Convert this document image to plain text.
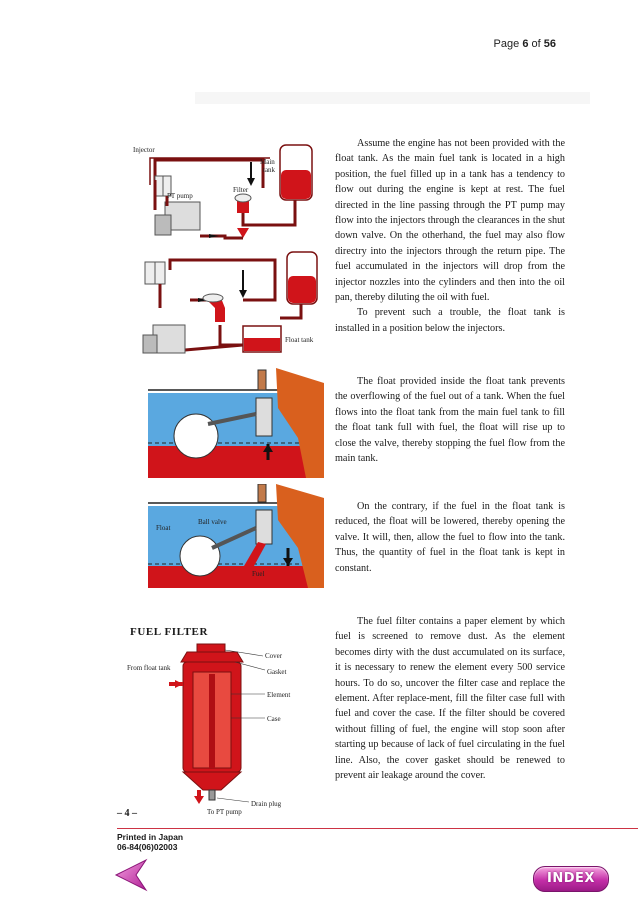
Page 6 of 56
Injector
Main
tank
PT pump
Filter
Float tank
Ball valve
Float
Fuel
FUEL FILTER
From float tank
Cover
Gasket
Element
Case
Drain plug
To PT pump

Assume the engine has not been provided with the float tank. As the main fuel tank is located in a high position, the fuel filled up in a tank has a tendency to flow out during the engine is kept at rest. The fuel directed in the line passing through the PT pump may flow into the injectors through the clearances in the shut down valve. On the otherhand, the fuel may also flow directry into the injectors through the return pipe. The fuel accumulated in the injectors will drop from the injector nozzles into the cylinders and then into the oil pan, thereby diluting the oil with fuel.

To prevent such a trouble, the float tank is installed in a position below the injectors.

The float provided inside the float tank prevents the overflowing of the fuel out of a tank. When the fuel flows into the float tank from the main fuel tank to fill the float tank full with fuel, the float will rise up to close the valve, thereby stopping the fuel flow from the main tank.

On the contrary, if the fuel in the float tank is reduced, the float will be lowered, thereby opening the valve. It will, then, allow the fuel to flow into the tank. Thus, the quantity of fuel in the float tank is kept in constant.

The fuel filter contains a paper element by which fuel is screened to remove dust. As the element becomes dirty with the dust accumulated on its surface, it is necessary to renew the element every 500 service hours. To do so, uncover the filter case and replace the element. After replace-ment, fill the filter case full with fuel and cover the case. If the filter should be covered without filling of fuel, the engine will stop soon after starting up because of lack of fuel circulating in the fuel line. Also, the cover gasket should be renewed to prevent air leakage around the cover.

– 4 –
Printed in Japan
06-84(06)02003
INDEX
